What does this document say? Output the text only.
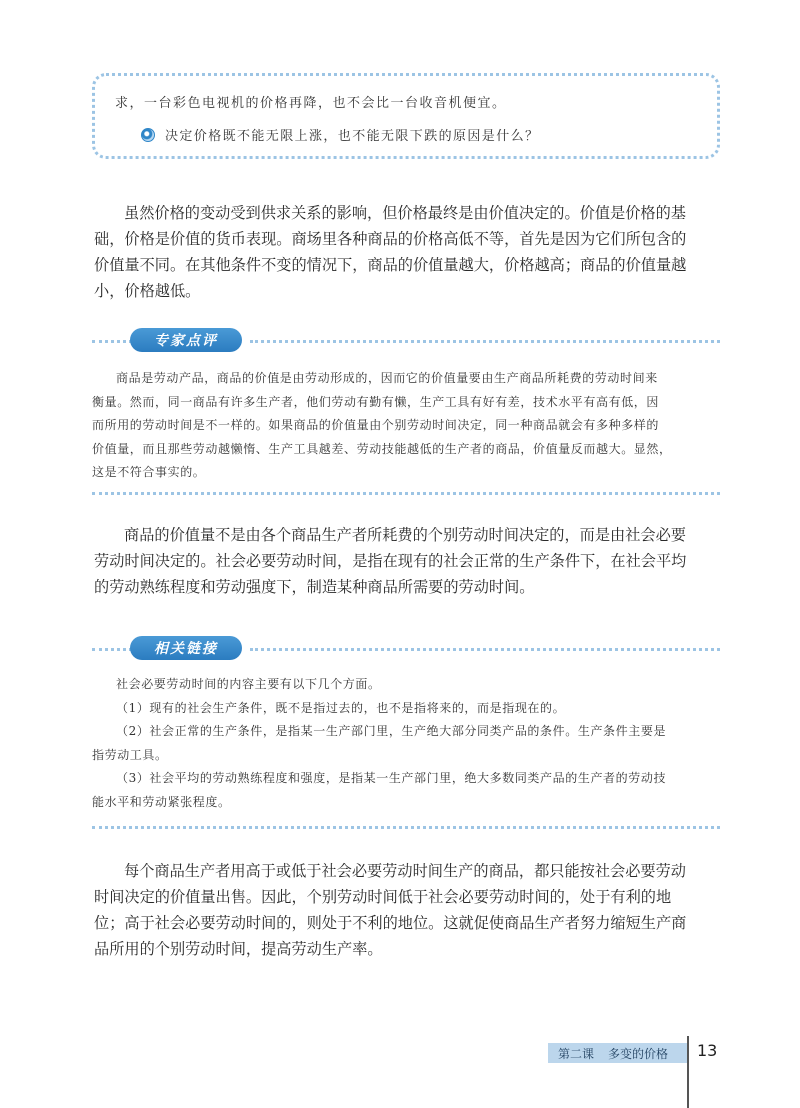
求，一台彩色电视机的价格再降，也不会比一台收音机便宜。
决定价格既不能无限上涨，也不能无限下跌的原因是什么？
虽然价格的变动受到供求关系的影响，但价格最终是由价值决定的。价值是价格的基
础，价格是价值的货币表现。商场里各种商品的价格高低不等，首先是因为它们所包含的
价值量不同。在其他条件不变的情况下，商品的价值量越大，价格越高；商品的价值量越
小，价格越低。
专家点评
商品是劳动产品，商品的价值是由劳动形成的，因而它的价值量要由生产商品所耗费的劳动时间来
衡量。然而，同一商品有许多生产者，他们劳动有勤有懒，生产工具有好有差，技术水平有高有低，因
而所用的劳动时间是不一样的。如果商品的价值量由个别劳动时间决定，同一种商品就会有多种多样的
价值量，而且那些劳动越懒惰、生产工具越差、劳动技能越低的生产者的商品，价值量反而越大。显然，
这是不符合事实的。
商品的价值量不是由各个商品生产者所耗费的个别劳动时间决定的，而是由社会必要
劳动时间决定的。社会必要劳动时间，是指在现有的社会正常的生产条件下，在社会平均
的劳动熟练程度和劳动强度下，制造某种商品所需要的劳动时间。
相关链接
社会必要劳动时间的内容主要有以下几个方面。
（1）现有的社会生产条件，既不是指过去的，也不是指将来的，而是指现在的。
（2）社会正常的生产条件，是指某一生产部门里，生产绝大部分同类产品的条件。生产条件主要是
指劳动工具。
（3）社会平均的劳动熟练程度和强度，是指某一生产部门里，绝大多数同类产品的生产者的劳动技
能水平和劳动紧张程度。
每个商品生产者用高于或低于社会必要劳动时间生产的商品，都只能按社会必要劳动
时间决定的价值量出售。因此，个别劳动时间低于社会必要劳动时间的，处于有利的地
位；高于社会必要劳动时间的，则处于不利的地位。这就促使商品生产者努力缩短生产商
品所用的个别劳动时间，提高劳动生产率。
第二课 多变的价格 13
